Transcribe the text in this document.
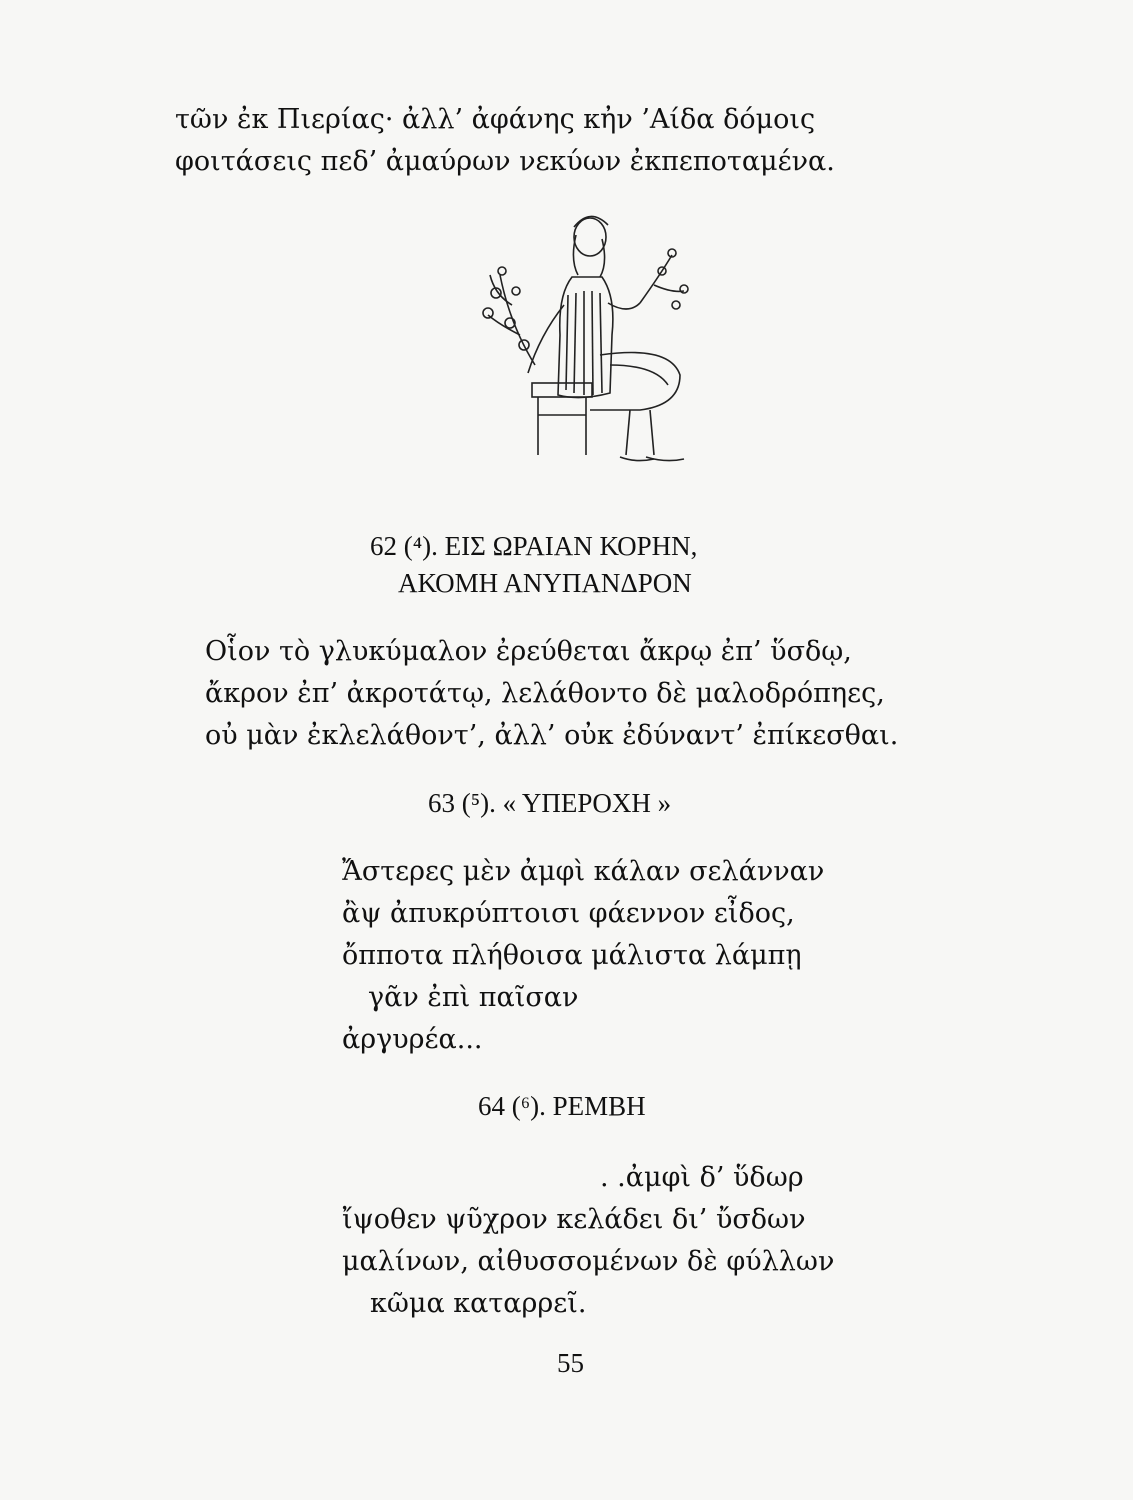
τῶν ἐκ Πιερίας· ἀλλ’ ἀφάνης κἠν ’Αίδα δόμοις
φοιτάσεις πεδ’ ἀμαύρων νεκύων ἐκπεποταμένα.
62 (⁴). ΕΙΣ ΩΡΑΙΑΝ ΚΟΡΗΝ,
ΑΚΟΜΗ ΑΝΥΠΑΝΔΡΟΝ
Οἷον τὸ γλυκύμαλον ἐρεύθεται ἄκρῳ ἐπ’ ὕσδῳ,
ἄκρον ἐπ’ ἀκροτάτῳ, λελάθοντο δὲ μαλοδρόπηες,
οὐ μὰν ἐκλελάθοντ’, ἀλλ’ οὐκ ἐδύναντ’ ἐπίκεσθαι.
63 (⁵). « ΥΠΕΡΟΧΗ »
Ἄστερες μὲν ἀμφὶ κάλαν σελάνναν
ἂψ ἀπυκρύπτοισι φάεννον εἶδος,
ὄπποτα πλήθοισα μάλιστα λάμπῃ
γᾶν ἐπὶ παῖσαν
ἀργυρέα...
64 (⁶). ΡΕΜΒΗ
. .ἀμφὶ δ’ ὕδωρ
ἴψοθεν ψῦχρον κελάδει δι’ ὔσδων
μαλίνων, αἰθυσσομένων δὲ φύλλων
κῶμα καταρρεῖ.
55
